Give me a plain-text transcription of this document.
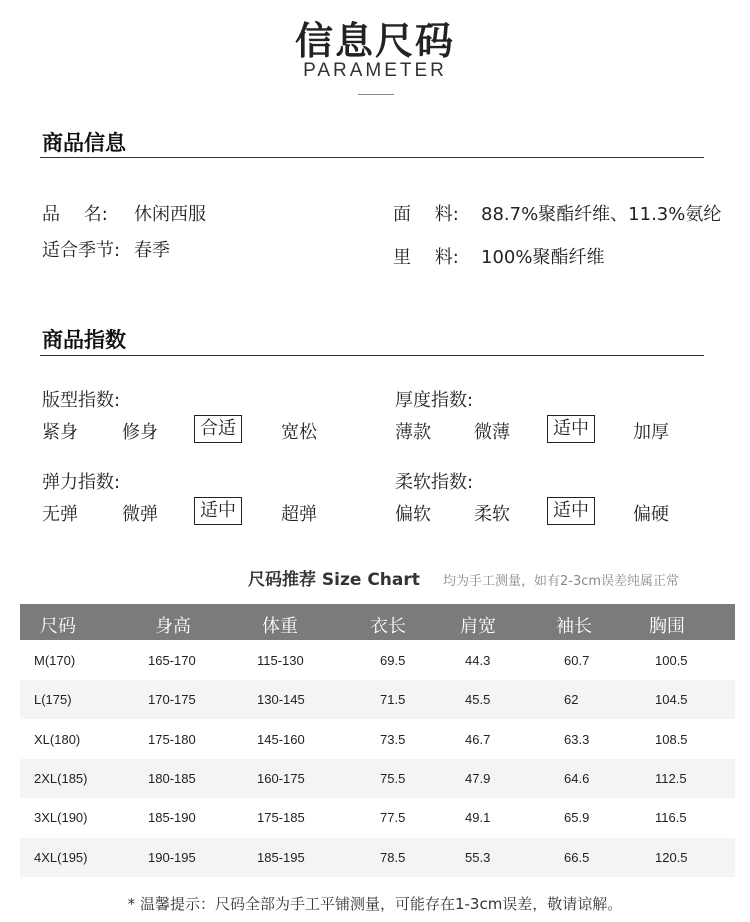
信息尺码
PARAMETER
商品信息
品　 名: 休闲西服
适合季节: 春季
面　 料: 88.7%聚酯纤维、11.3%氨纶
里　 料: 100%聚酯纤维
商品指数
版型指数:
紧身 修身	合适	宽松
厚度指数:
薄款 微薄	适中	加厚
弹力指数:
无弹 微弹	适中	超弹
柔软指数:
偏软 柔软	适中	偏硬
尺码推荐 Size Chart 均为手工测量，如有2-3cm误差纯属正常
尺码	身高	体重	衣长	肩宽	袖长	胸围
M(170)	165-170	115-130	69.5	44.3	60.7	100.5
L(175)	170-175	130-145	71.5	45.5	62	104.5
XL(180)	175-180	145-160	73.5	46.7	63.3	108.5
2XL(185)	180-185	160-175	75.5	47.9	64.6	112.5
3XL(190)	185-190	175-185	77.5	49.1	65.9	116.5
4XL(195)	190-195	185-195	78.5	55.3	66.5	120.5
* 温馨提示：尺码全部为手工平铺测量，可能存在1-3cm误差，敬请谅解。
